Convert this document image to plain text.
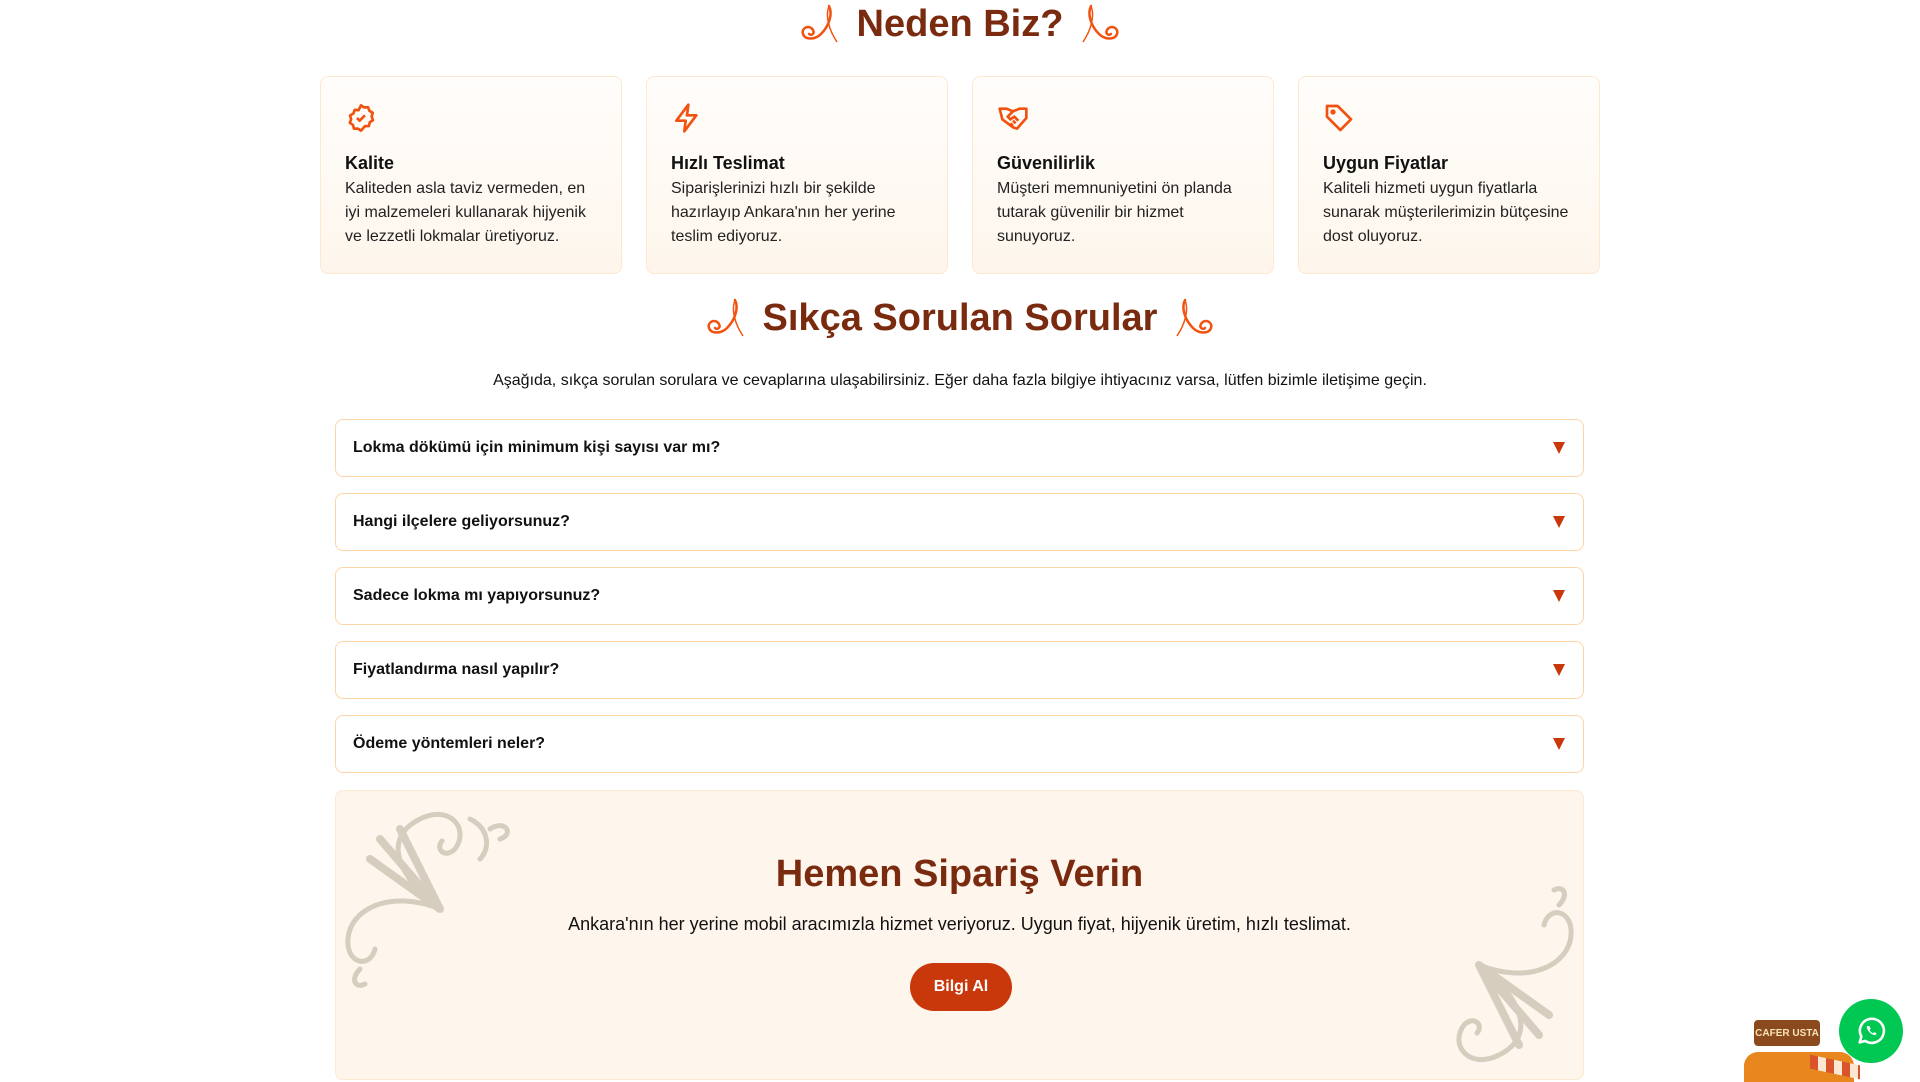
Neden Biz?
Kalite

Kaliteden asla taviz vermeden, en iyi malzemeleri kullanarak hijyenik ve lezzetli lokmalar üretiyoruz.

Hızlı Teslimat

Siparişlerinizi hızlı bir şekilde hazırlayıp Ankara'nın her yerine teslim ediyoruz.

Güvenilirlik

Müşteri memnuniyetini ön planda tutarak güvenilir bir hizmet sunuyoruz.

Uygun Fiyatlar

Kaliteli hizmeti uygun fiyatlarla sunarak müşterilerimizin bütçesine dost oluyoruz.

Sıkça Sorulan Sorular
Aşağıda, sıkça sorulan sorulara ve cevaplarına ulaşabilirsiniz. Eğer daha fazla bilgiye ihtiyacınız varsa, lütfen bizimle iletişime geçin.
Lokma dökümü için minimum kişi sayısı var mı?
Hangi ilçelere geliyorsunuz?
Sadece lokma mı yapıyorsunuz?
Fiyatlandırma nasıl yapılır?
Ödeme yöntemleri neler?
Hemen Sipariş Verin

Ankara'nın her yerine mobil aracımızla hizmet veriyoruz. Uygun fiyat, hijyenik üretim, hızlı teslimat.

Bilgi Al
CAFER USTA
